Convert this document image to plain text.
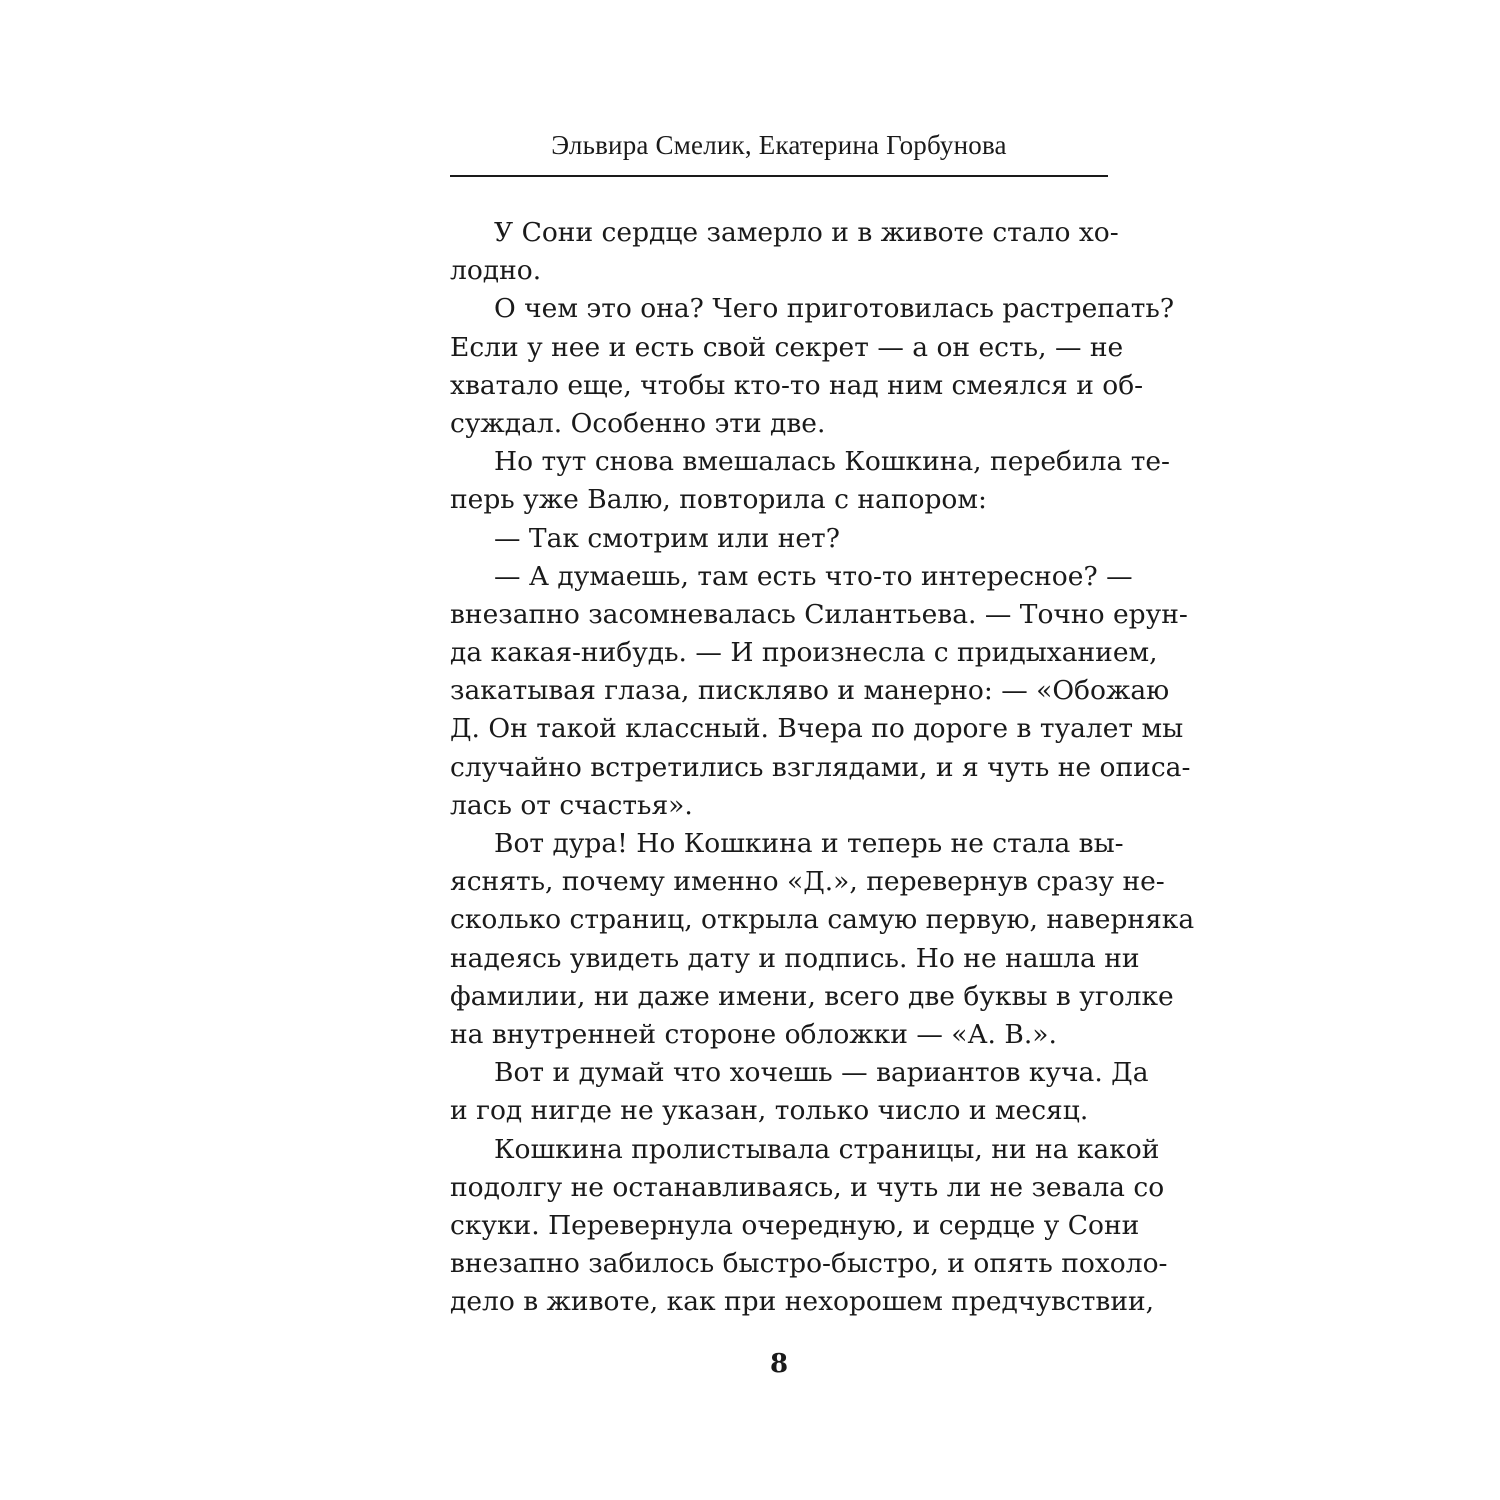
Эльвира Смелик, Екатерина Горбунова
У Сони сердце замерло и в животе стало хо-
лодно.
О чем это она? Чего приготовилась растрепать?
Если у нее и есть свой секрет — а он есть, — не
хватало еще, чтобы кто-то над ним смеялся и об-
суждал. Особенно эти две.
Но тут снова вмешалась Кошкина, перебила те-
перь уже Валю, повторила с напором:
— Так смотрим или нет?
— А думаешь, там есть что-то интересное? —
внезапно засомневалась Силантьева. — Точно ерун-
да какая-нибудь. — И произнесла с придыханием,
закатывая глаза, пискляво и манерно: — «Обожаю
Д. Он такой классный. Вчера по дороге в туалет мы
случайно встретились взглядами, и я чуть не описа-
лась от счастья».
Вот дура! Но Кошкина и теперь не стала вы-
яснять, почему именно «Д.», перевернув сразу не-
сколько страниц, открыла самую первую, навернякa
надеясь увидеть дату и подпись. Но не нашла ни
фамилии, ни даже имени, всего две буквы в уголке
на внутренней стороне обложки — «А. В.».
Вот и думай что хочешь — вариантов куча. Да
и год нигде не указан, только число и месяц.
Кошкина пролистывала страницы, ни на какой
подолгу не останавливаясь, и чуть ли не зевала со
скуки. Перевернула очередную, и сердце у Сони
внезапно забилось быстро-быстро, и опять похоло-
дело в животе, как при нехорошем предчувствии,
8
